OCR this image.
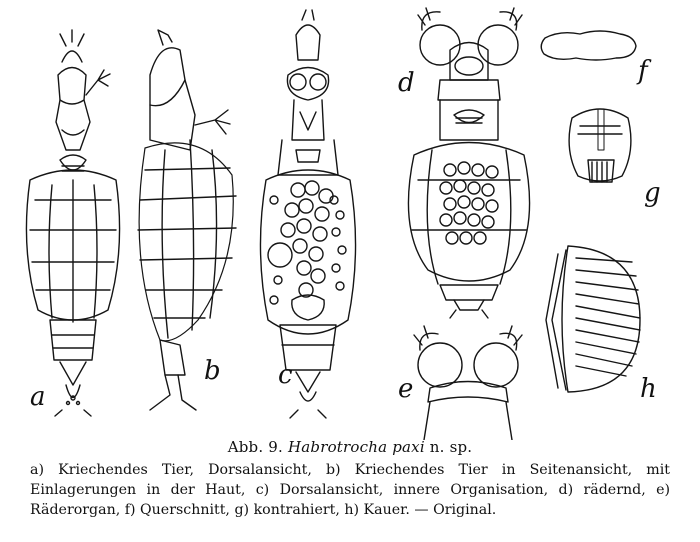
a
b c
d
e
f
g
h
Abb. 9. Habrotrocha paxi n. sp.
a) Kriechendes Tier, Dorsalansicht, b) Kriechendes Tier in Seitenansicht, mit Einlagerungen in der Haut, c) Dorsalansicht, innere Organisation, d) rädernd, e) Räderorgan, f) Querschnitt, g) kontrahiert, h) Kauer. — Original.
